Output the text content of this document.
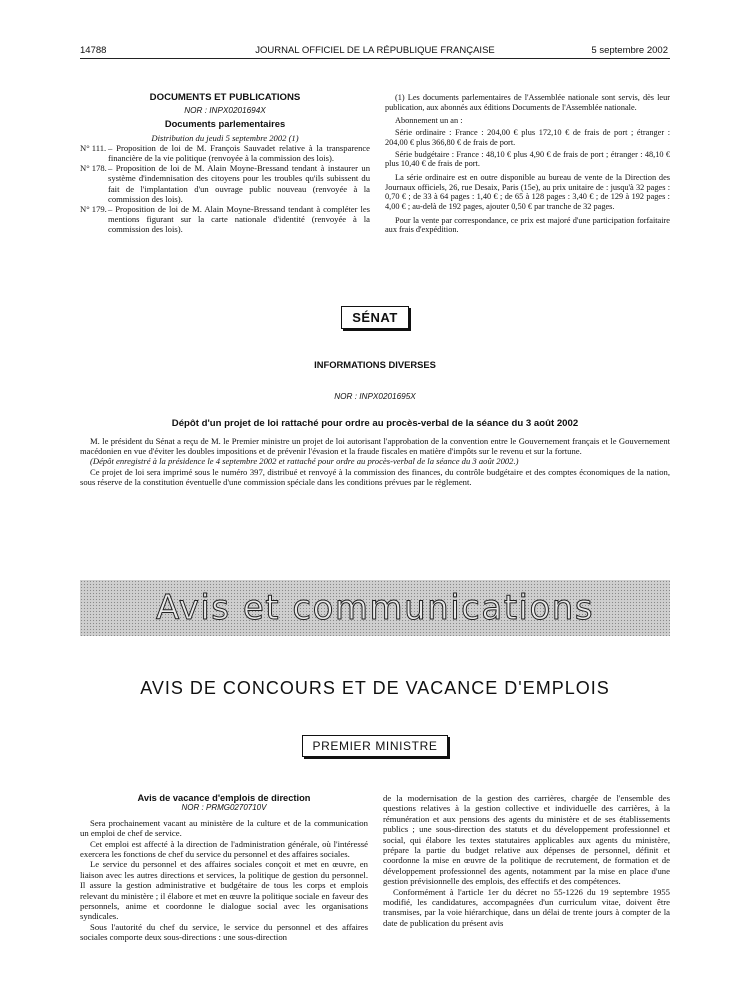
14788	JOURNAL OFFICIEL DE LA RÉPUBLIQUE FRANÇAISE	5 septembre 2002
DOCUMENTS ET PUBLICATIONS
NOR : INPX0201694X
Documents parlementaires
Distribution du jeudi 5 septembre 2002 (1)
N° 111. – Proposition de loi de M. François Sauvadet relative à la transparence financière de la vie politique (renvoyée à la commission des lois).
N° 178. – Proposition de loi de M. Alain Moyne-Bressand tendant à instaurer un système d'indemnisation des citoyens pour les troubles qu'ils subissent du fait de l'implantation d'un ouvrage public nouveau (renvoyée à la commission des lois).
N° 179. – Proposition de loi de M. Alain Moyne-Bressand tendant à compléter les mentions figurant sur la carte nationale d'identité (renvoyée à la commission des lois).

(1) Les documents parlementaires de l'Assemblée nationale sont servis, dès leur publication, aux abonnés aux éditions Documents de l'Assemblée nationale.

Abonnement un an :

Série ordinaire : France : 204,00 € plus 172,10 € de frais de port ; étranger : 204,00 € plus 366,80 € de frais de port.

Série budgétaire : France : 48,10 € plus 4,90 € de frais de port ; étranger : 48,10 € plus 10,40 € de frais de port.

La série ordinaire est en outre disponible au bureau de vente de la Direction des Journaux officiels, 26, rue Desaix, Paris (15e), au prix unitaire de : jusqu'à 32 pages : 0,70 € ; de 33 à 64 pages : 1,40 € ; de 65 à 128 pages : 3,40 € ; de 129 à 192 pages : 4,00 € ; au-delà de 192 pages, ajouter 0,50 € par tranche de 32 pages.

Pour la vente par correspondance, ce prix est majoré d'une participation forfaitaire aux frais d'expédition.

SÉNAT
INFORMATIONS DIVERSES
NOR : INPX0201695X
Dépôt d'un projet de loi rattaché pour ordre au procès-verbal de la séance du 3 août 2002

M. le président du Sénat a reçu de M. le Premier ministre un projet de loi autorisant l'approbation de la convention entre le Gouvernement français et le Gouvernement macédonien en vue d'éviter les doubles impositions et de prévenir l'évasion et la fraude fiscales en matière d'impôts sur le revenu et sur la fortune.

(Dépôt enregistré à la présidence le 4 septembre 2002 et rattaché pour ordre au procès-verbal de la séance du 3 août 2002.)

Ce projet de loi sera imprimé sous le numéro 397, distribué et renvoyé à la commission des finances, du contrôle budgétaire et des comptes économiques de la nation, sous réserve de la constitution éventuelle d'une commission spéciale dans les conditions prévues par le règlement.

Avis et communications
AVIS DE CONCOURS ET DE VACANCE D'EMPLOIS
PREMIER MINISTRE
Avis de vacance d'emplois de direction
NOR : PRMG0270710V

Sera prochainement vacant au ministère de la culture et de la communication un emploi de chef de service.

Cet emploi est affecté à la direction de l'administration générale, où l'intéressé exercera les fonctions de chef du service du personnel et des affaires sociales.

Le service du personnel et des affaires sociales conçoit et met en œuvre, en liaison avec les autres directions et services, la politique de gestion du personnel. Il assure la gestion administrative et budgétaire de tous les corps et emplois relevant du ministère ; il élabore et met en œuvre la politique sociale en faveur des personnels, anime et coordonne le dialogue social avec les organisations syndicales.

Sous l'autorité du chef du service, le service du personnel et des affaires sociales comporte deux sous-directions : une sous-direction

de la modernisation de la gestion des carrières, chargée de l'ensemble des questions relatives à la gestion collective et individuelle des carrières, à la rémunération et aux pensions des agents du ministère et de ses établissements publics ; une sous-direction des statuts et du développement professionnel et social, qui élabore les textes statutaires applicables aux agents du ministère, prépare la partie du budget relative aux dépenses de personnel, définit et coordonne la mise en œuvre de la politique de recrutement, de formation et de développement professionnel des agents, notamment par la mise en place d'une gestion prévisionnelle des emplois, des effectifs et des compétences.

Conformément à l'article 1er du décret no 55-1226 du 19 septembre 1955 modifié, les candidatures, accompagnées d'un curriculum vitae, doivent être transmises, par la voie hiérarchique, dans un délai de trente jours à compter de la date de publication du présent avis
